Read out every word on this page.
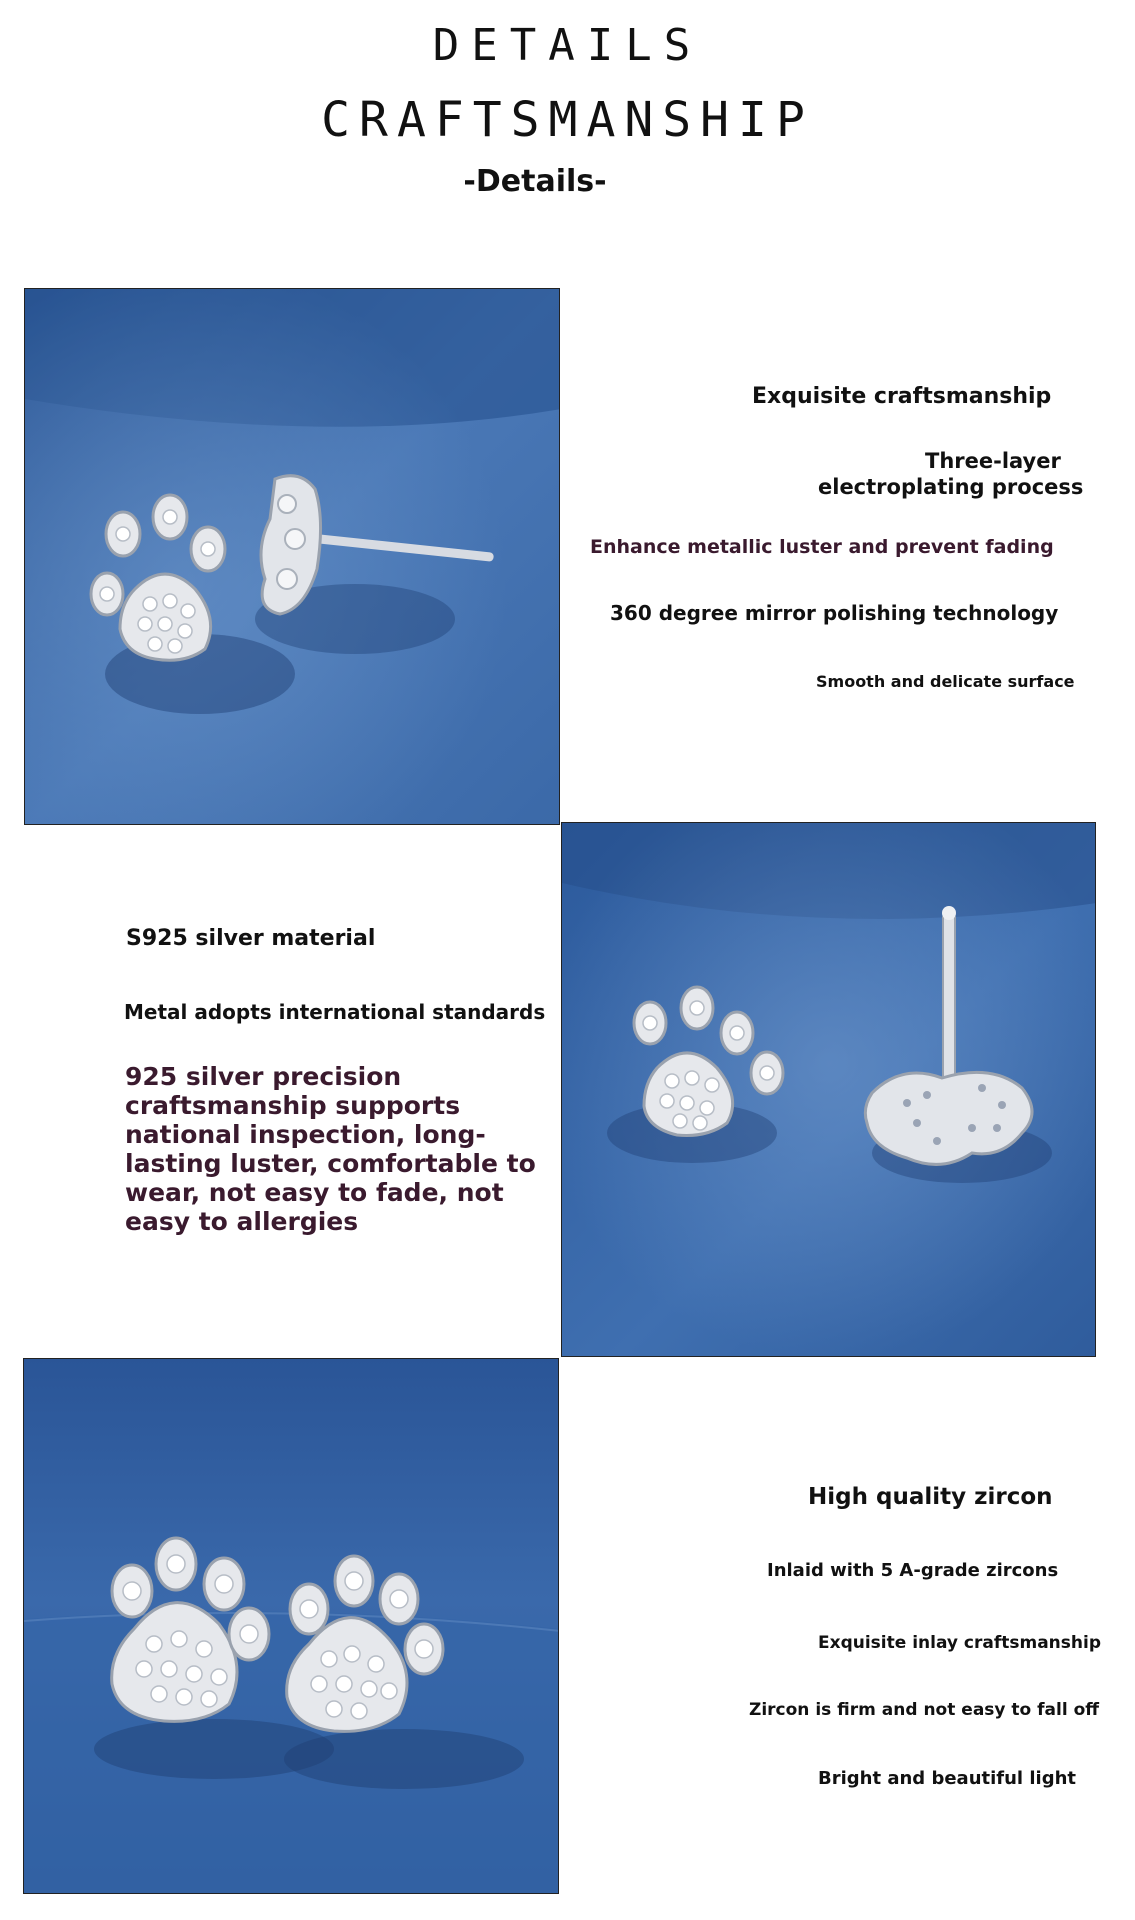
DETAILS
CRAFTSMANSHIP
-Details-
Exquisite craftsmanship
Three-layer
electroplating process
Enhance metallic luster and prevent fading
360 degree mirror polishing technology
Smooth and delicate surface
S925 silver material
Metal adopts international standards
925 silver precision
craftsmanship supports
national inspection, long-
lasting luster, comfortable to
wear, not easy to fade, not
easy to allergies
High quality zircon
Inlaid with 5 A-grade zircons
Exquisite inlay craftsmanship
Zircon is firm and not easy to fall off
Bright and beautiful light
